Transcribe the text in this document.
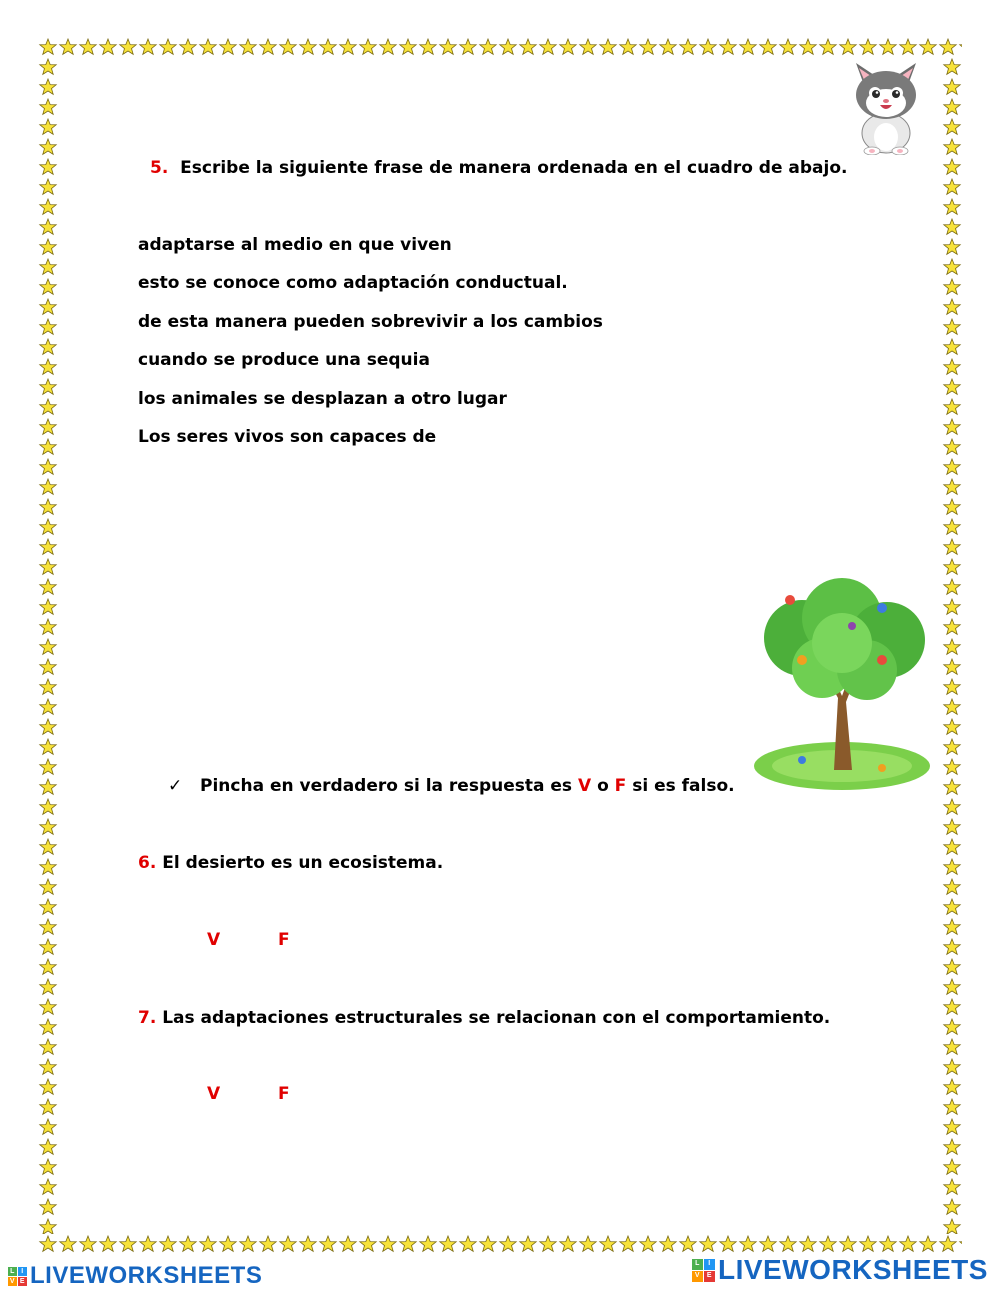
5. Escribe la siguiente frase de manera ordenada en el cuadro de abajo.
adaptarse al medio en que viven
esto se conoce como adaptación conductual.
de esta manera pueden sobrevivir a los cambios
cuando se produce una sequia
los animales se desplazan a otro lugar
Los seres vivos son capaces de
✓ Pincha en verdadero si la respuesta es V o F si es falso.
6. El desierto es un ecosistema.
V	F
7. Las adaptaciones estructurales se relacionan con el comportamiento.
V	F
L I
V E LIVEWORKSHEETS	L	I
V E LIVEWORKSHEETS
